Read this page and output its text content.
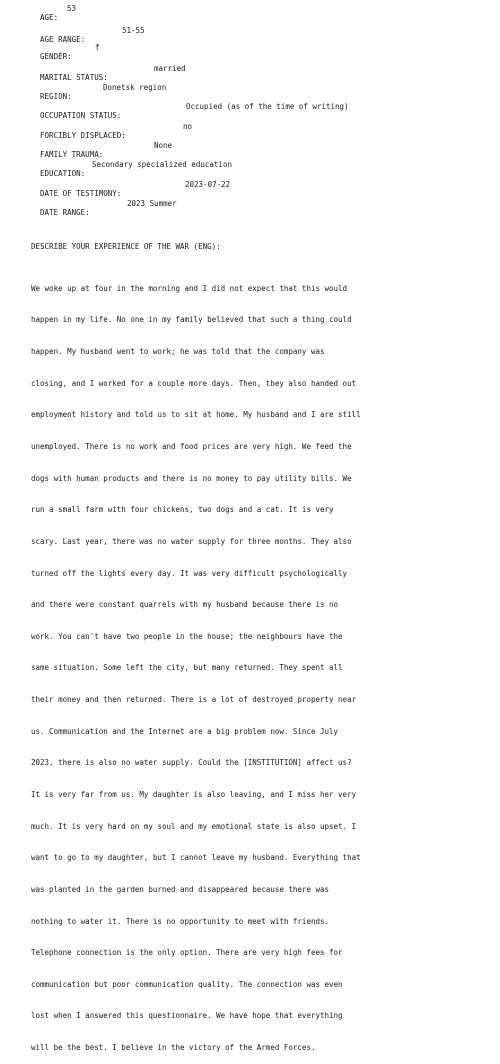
AGE:

53

AGE RANGE:

51-55

GENDER:

f

MARITAL STATUS:

married

REGION:

Donetsk region

OCCUPATION STATUS:

Occupied (as of the time of writing)

FORCIBLY DISPLACED:

no

FAMILY TRAUMA:

None

EDUCATION:

Secondary specialized education

DATE OF TESTIMONY:

2023-07-22

DATE RANGE:

2023 Summer

DESCRIBE YOUR EXPERIENCE OF THE WAR (ENG):

We woke up at four in the morning and I did not expect that this would

happen in my life. No one in my family believed that such a thing could

happen. My husband went to work; he was told that the company was

closing, and I worked for a couple more days. Then, they also handed out

employment history and told us to sit at home. My husband and I are still

unemployed. There is no work and food prices are very high. We feed the

dogs with human products and there is no money to pay utility bills. We

run a small farm with four chickens, two dogs and a cat. It is very

scary. Last year, there was no water supply for three months. They also

turned off the lights every day. It was very difficult psychologically

and there were constant quarrels with my husband because there is no

work. You can't have two people in the house; the neighbours have the

same situation. Some left the city, but many returned. They spent all

their money and then returned. There is a lot of destroyed property near

us. Communication and the Internet are a big problem now. Since July

2023, there is also no water supply. Could the [INSTITUTION] affect us?

It is very far from us. My daughter is also leaving, and I miss her very

much. It is very hard on my soul and my emotional state is also upset. I

want to go to my daughter, but I cannot leave my husband. Everything that

was planted in the garden burned and disappeared because there was

nothing to water it. There is no opportunity to meet with friends.

Telephone connection is the only option. There are very high fees for

communication but poor communication quality. The connection was even

lost when I answered this questionnaire. We have hope that everything

will be the best. I believe in the victory of the Armed Forces.
